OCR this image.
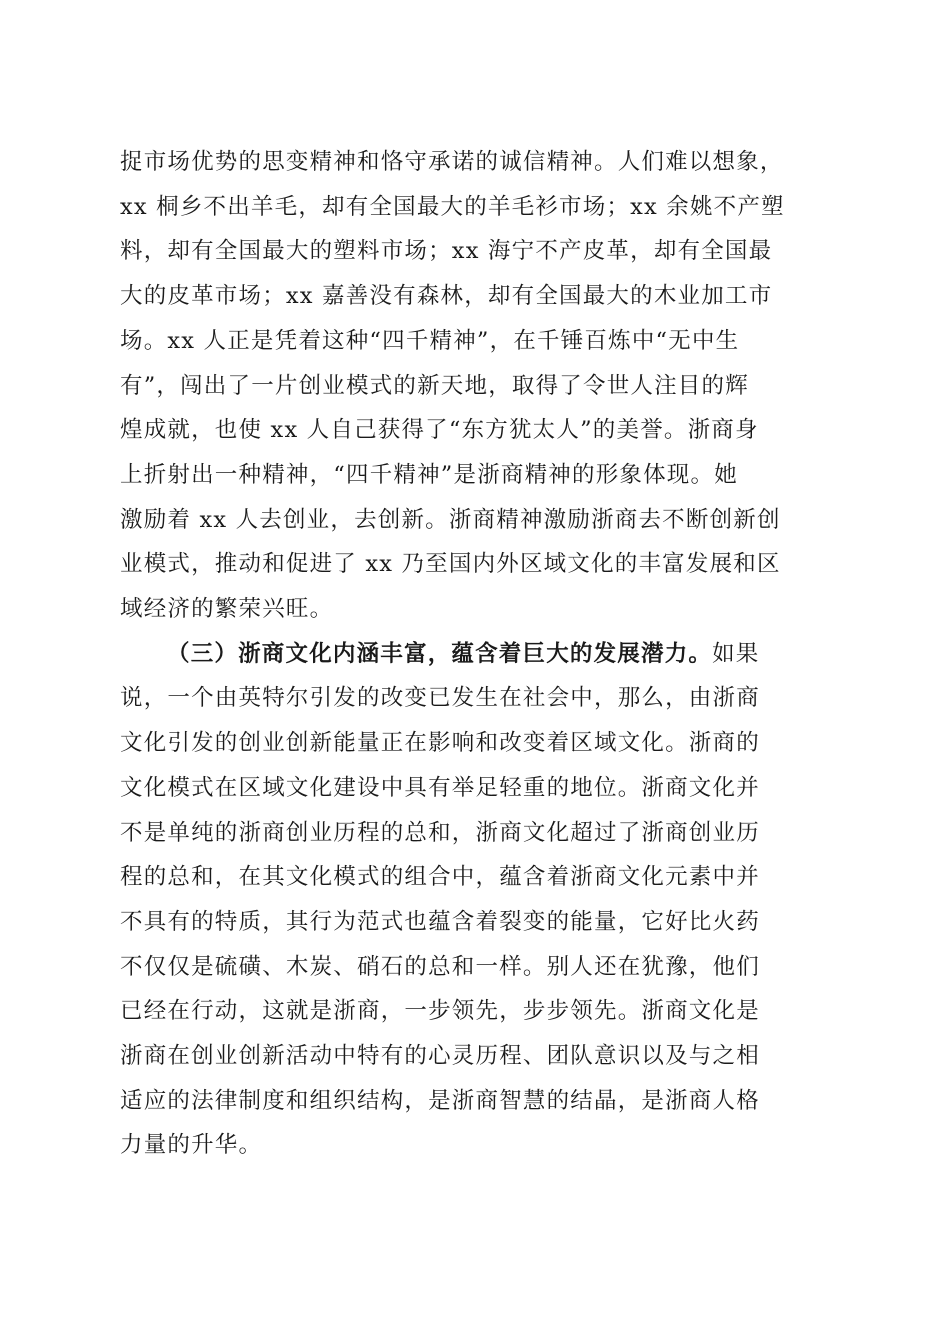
捉市场优势的思变精神和恪守承诺的诚信精神。人们难以想象，
xx 桐乡不出羊毛，却有全国最大的羊毛衫市场；xx 余姚不产塑
料，却有全国最大的塑料市场；xx 海宁不产皮革，却有全国最
大的皮革市场；xx 嘉善没有森林，却有全国最大的木业加工市
场。xx 人正是凭着这种“四千精神”，在千锤百炼中“无中生
有”，闯出了一片创业模式的新天地，取得了令世人注目的辉
煌成就，也使 xx 人自己获得了“东方犹太人”的美誉。浙商身
上折射出一种精神，“四千精神”是浙商精神的形象体现。她
激励着 xx 人去创业，去创新。浙商精神激励浙商去不断创新创
业模式，推动和促进了 xx 乃至国内外区域文化的丰富发展和区
域经济的繁荣兴旺。
（三）浙商文化内涵丰富，蕴含着巨大的发展潜力。如果
说，一个由英特尔引发的改变已发生在社会中，那么，由浙商
文化引发的创业创新能量正在影响和改变着区域文化。浙商的
文化模式在区域文化建设中具有举足轻重的地位。浙商文化并
不是单纯的浙商创业历程的总和，浙商文化超过了浙商创业历
程的总和，在其文化模式的组合中，蕴含着浙商文化元素中并
不具有的特质，其行为范式也蕴含着裂变的能量，它好比火药
不仅仅是硫磺、木炭、硝石的总和一样。别人还在犹豫，他们
已经在行动，这就是浙商，一步领先，步步领先。浙商文化是
浙商在创业创新活动中特有的心灵历程、团队意识以及与之相
适应的法律制度和组织结构，是浙商智慧的结晶，是浙商人格
力量的升华。
